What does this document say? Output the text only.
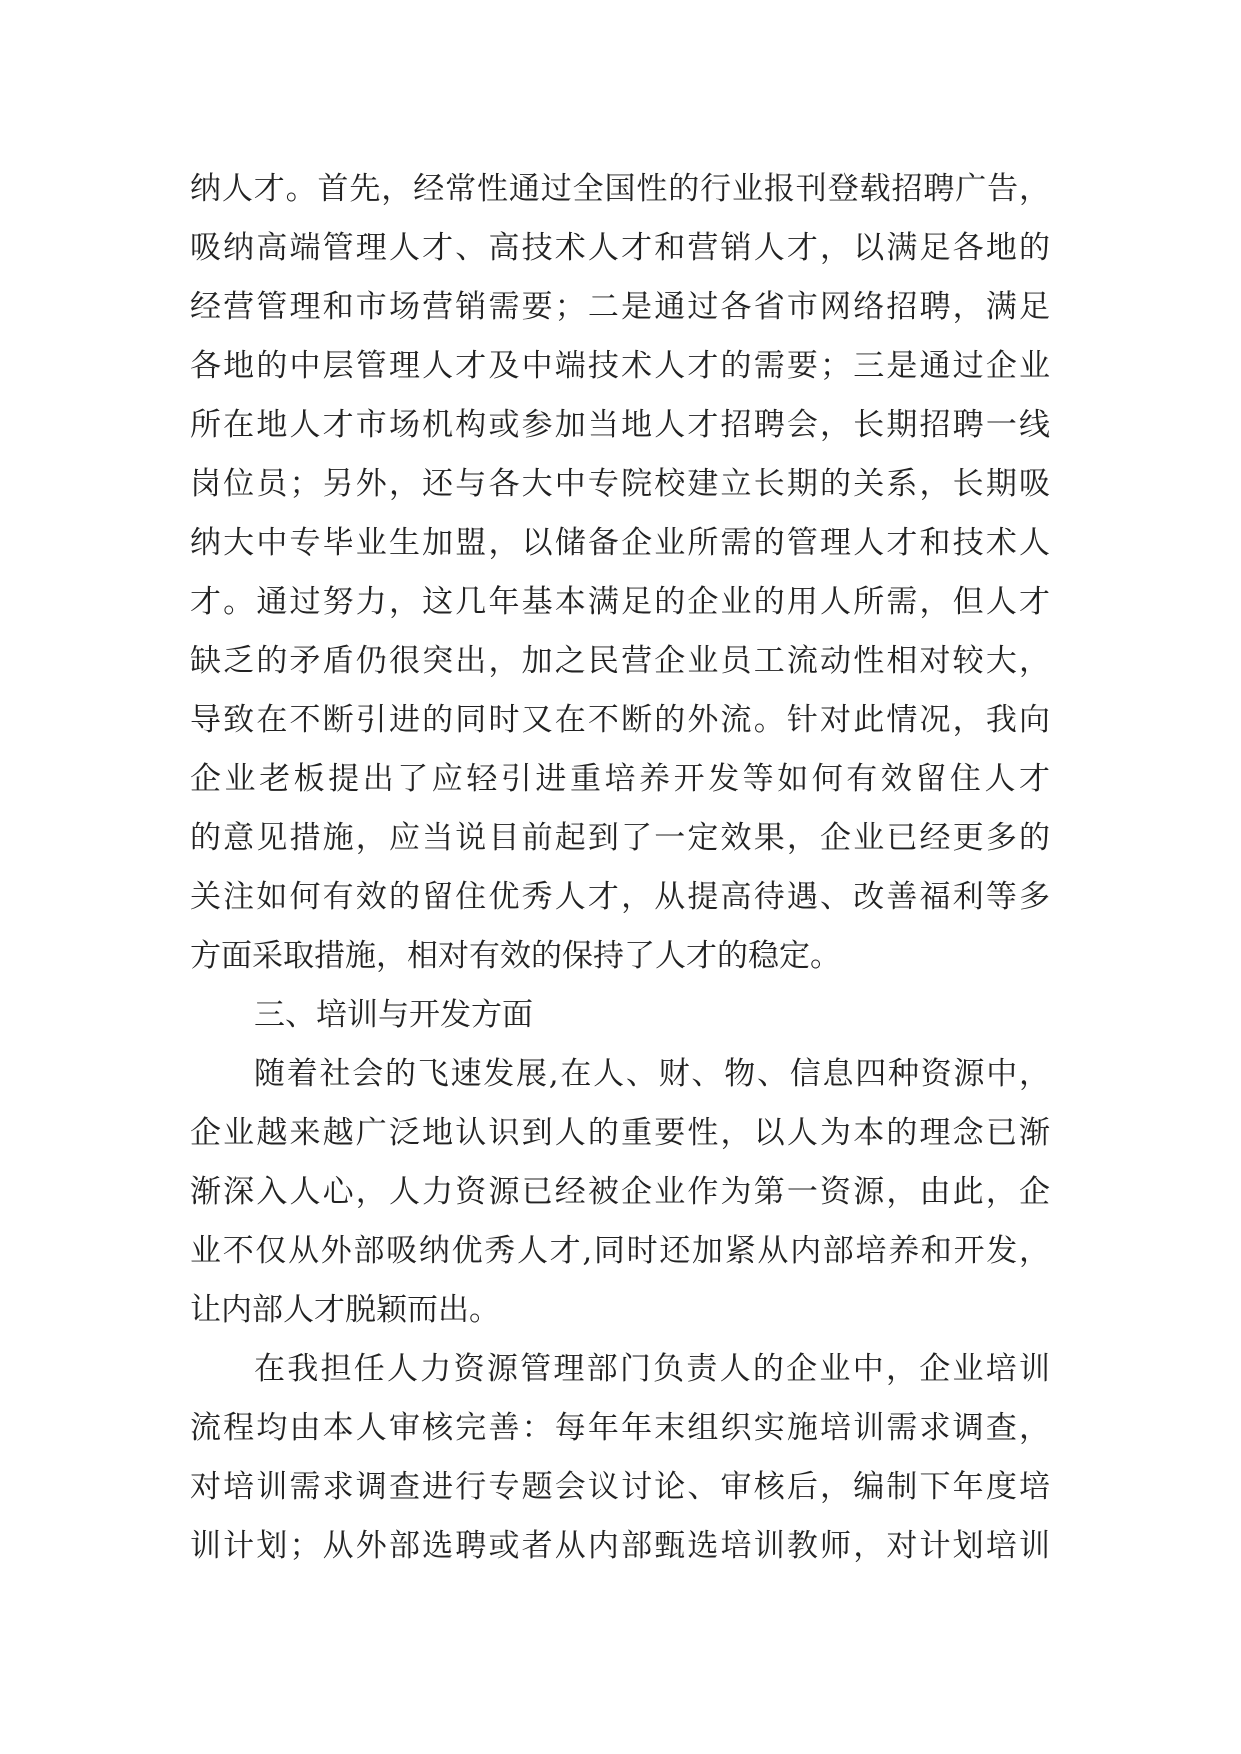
纳人才。首先，经常性通过全国性的行业报刊登载招聘广告，
吸纳高端管理人才、高技术人才和营销人才，以满足各地的
经营管理和市场营销需要；二是通过各省市网络招聘，满足
各地的中层管理人才及中端技术人才的需要；三是通过企业
所在地人才市场机构或参加当地人才招聘会，长期招聘一线
岗位员；另外，还与各大中专院校建立长期的关系，长期吸
纳大中专毕业生加盟，以储备企业所需的管理人才和技术人
才。通过努力，这几年基本满足的企业的用人所需，但人才
缺乏的矛盾仍很突出，加之民营企业员工流动性相对较大，
导致在不断引进的同时又在不断的外流。针对此情况，我向
企业老板提出了应轻引进重培养开发等如何有效留住人才
的意见措施，应当说目前起到了一定效果，企业已经更多的
关注如何有效的留住优秀人才，从提高待遇、改善福利等多
方面采取措施，相对有效的保持了人才的稳定。
三、培训与开发方面
随着社会的飞速发展,在人、财、物、信息四种资源中，
企业越来越广泛地认识到人的重要性，以人为本的理念已渐
渐深入人心，人力资源已经被企业作为第一资源，由此，企
业不仅从外部吸纳优秀人才,同时还加紧从内部培养和开发，
让内部人才脱颖而出。
在我担任人力资源管理部门负责人的企业中，企业培训
流程均由本人审核完善：每年年末组织实施培训需求调查，
对培训需求调查进行专题会议讨论、审核后，编制下年度培
训计划；从外部选聘或者从内部甄选培训教师，对计划培训
